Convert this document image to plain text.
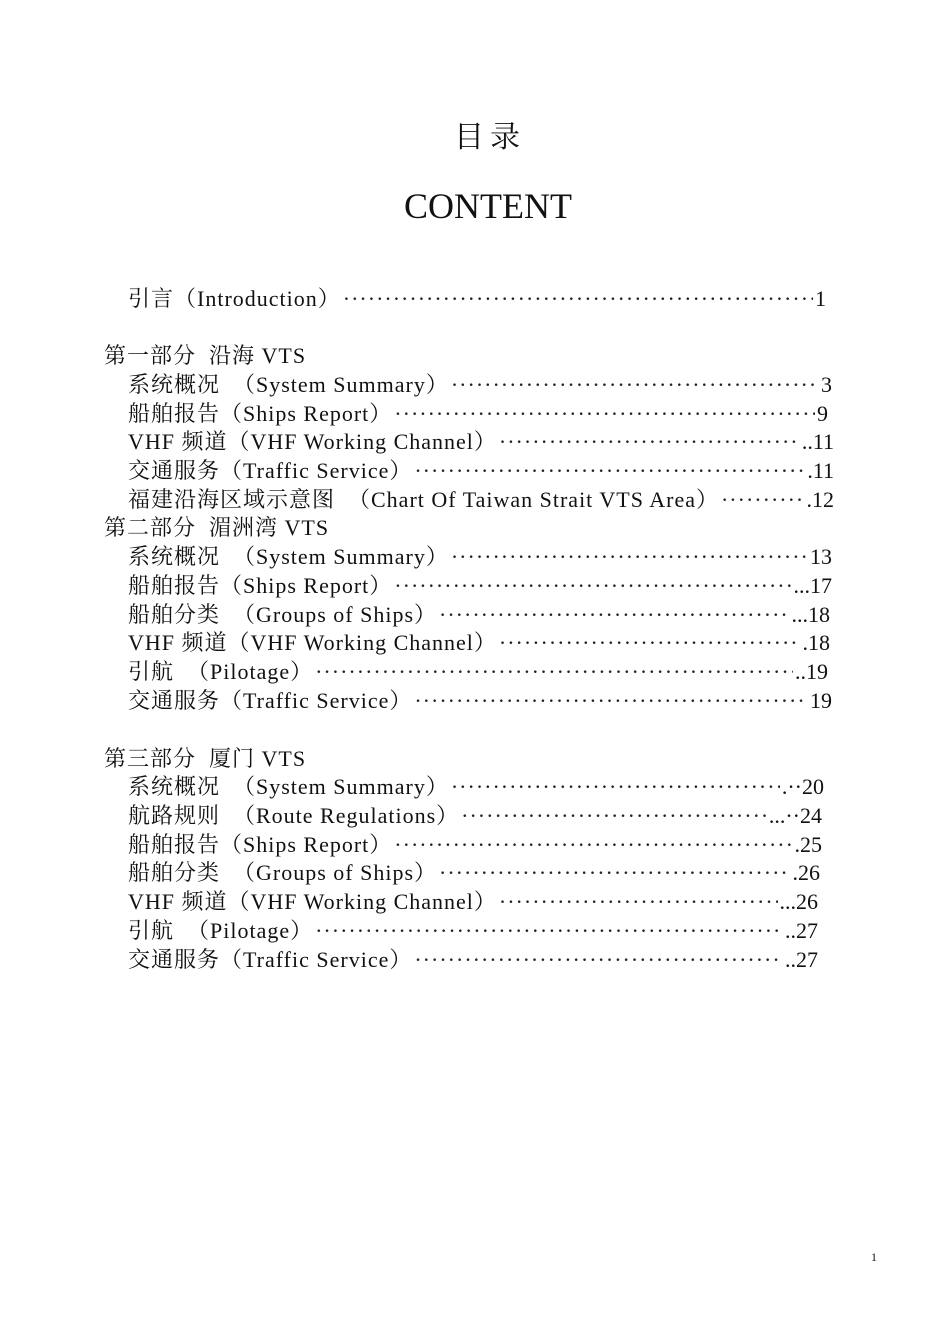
目录
CONTENT
引言（Introduction） ·····	1
第一部分  沿海 VTS
系统概况  （System Summary） ·····	3
船舶报告（Ships Report） ·····	9
VHF 频道（VHF Working Channel） ·····	..11
交通服务（Traffic Service） ·····	.11
福建沿海区域示意图  （Chart Of Taiwan Strait VTS Area） ·····	.12
第二部分  湄洲湾 VTS
系统概况  （System Summary） ·····	13
船舶报告（Ships Report） ·····	...17
船舶分类  （Groups of Ships） ·····	...18
VHF 频道（VHF Working Channel） ·····	.18
引航  （Pilotage） ·····	..19
交通服务（Traffic Service） ·····	19
第三部分  厦门 VTS
系统概况  （System Summary） ·····	.··20
航路规则  （Route Regulations） ·····	...··24
船舶报告（Ships Report） ·····	.25
船舶分类  （Groups of Ships） ·····	.26
VHF 频道（VHF Working Channel） ·····	...26
引航  （Pilotage） ·····	..27
交通服务（Traffic Service） ·····	..27
1
